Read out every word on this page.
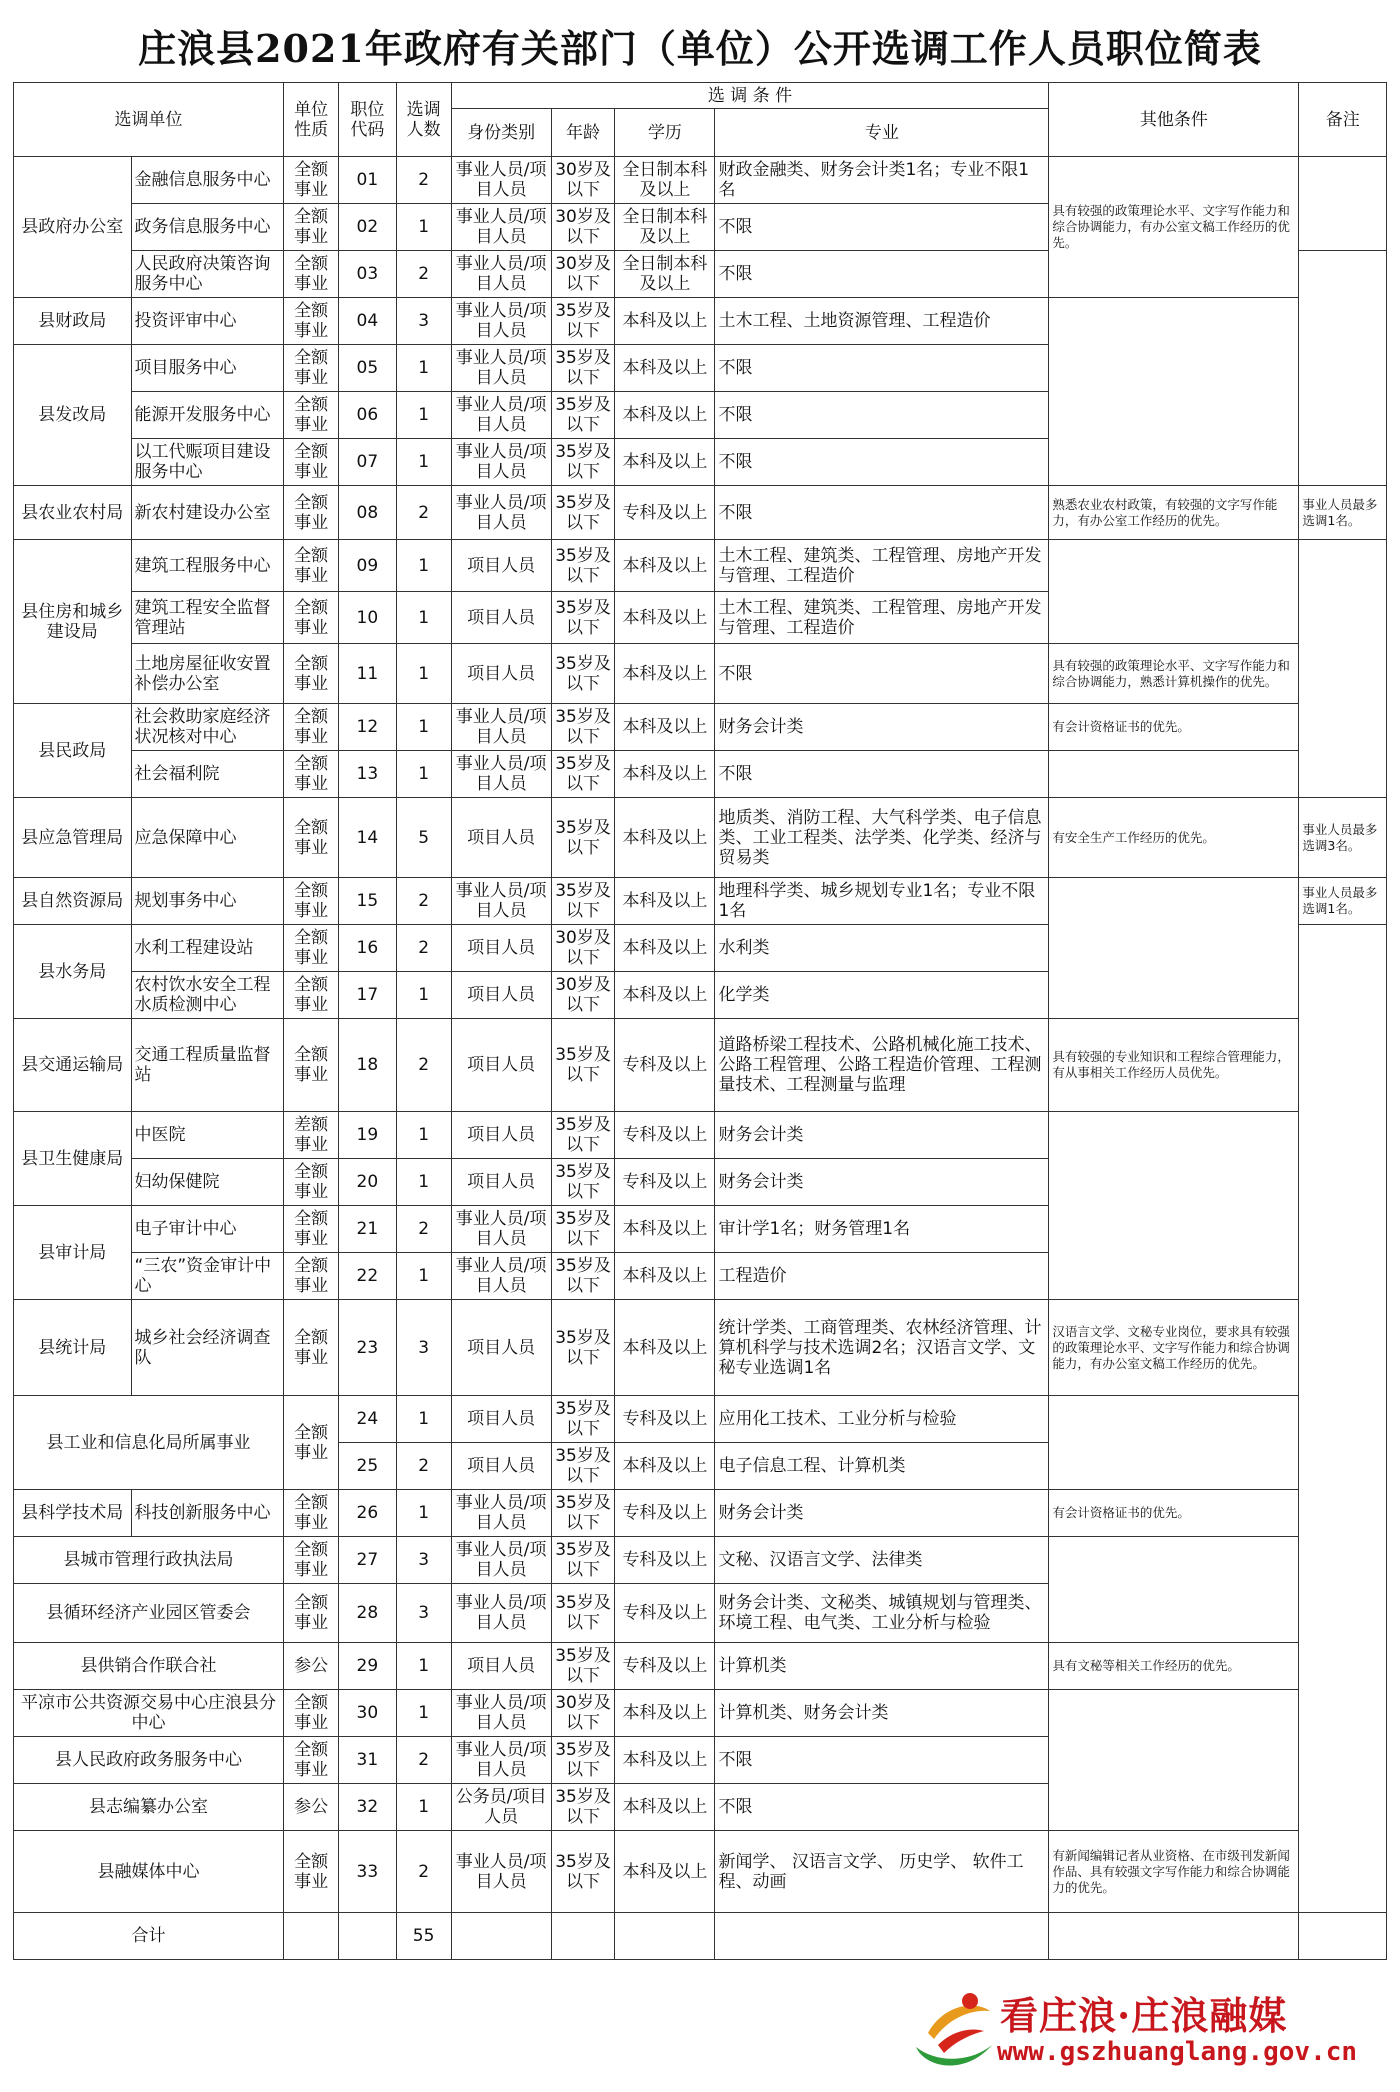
庄浪县2021年政府有关部门（单位）公开选调工作人员职位简表
选调单位		单位性质	职位代码	选调人数	选 调 条 件				其他条件	备注
					身份类别	年龄	学历	专业		
县政府办公室	金融信息服务中心	全额事业	01	2	事业人员/项目人员	30岁及以下	全日制本科及以上	财政金融类、财务会计类1名；专业不限1名	具有较强的政策理论水平、文字写作能力和综合协调能力，有办公室文稿工作经历的优先。	
	政务信息服务中心	全额事业	02	1	事业人员/项目人员	30岁及以下	全日制本科及以上	不限		
	人民政府决策咨询服务中心	全额事业	03	2	事业人员/项目人员	30岁及以下	全日制本科及以上	不限		
县财政局	投资评审中心	全额事业	04	3	事业人员/项目人员	35岁及以下	本科及以上	土木工程、土地资源管理、工程造价		
县发改局	项目服务中心	全额事业	05	1	事业人员/项目人员	35岁及以下	本科及以上	不限		
	能源开发服务中心	全额事业	06	1	事业人员/项目人员	35岁及以下	本科及以上	不限		
	以工代赈项目建设服务中心	全额事业	07	1	事业人员/项目人员	35岁及以下	本科及以上	不限		
县农业农村局	新农村建设办公室	全额事业	08	2	事业人员/项目人员	35岁及以下	专科及以上	不限	熟悉农业农村政策，有较强的文字写作能力，有办公室工作经历的优先。	事业人员最多选调1名。
县住房和城乡建设局	建筑工程服务中心	全额事业	09	1	项目人员	35岁及以下	本科及以上	土木工程、建筑类、工程管理、房地产开发与管理、工程造价		
	建筑工程安全监督管理站	全额事业	10	1	项目人员	35岁及以下	本科及以上	土木工程、建筑类、工程管理、房地产开发与管理、工程造价		
	土地房屋征收安置补偿办公室	全额事业	11	1	项目人员	35岁及以下	本科及以上	不限	具有较强的政策理论水平、文字写作能力和综合协调能力，熟悉计算机操作的优先。	
县民政局	社会救助家庭经济状况核对中心	全额事业	12	1	事业人员/项目人员	35岁及以下	本科及以上	财务会计类	有会计资格证书的优先。	
	社会福利院	全额事业	13	1	事业人员/项目人员	35岁及以下	本科及以上	不限		
县应急管理局	应急保障中心	全额事业	14	5	项目人员	35岁及以下	本科及以上	地质类、消防工程、大气科学类、电子信息类、工业工程类、法学类、化学类、经济与贸易类	有安全生产工作经历的优先。	事业人员最多选调3名。
县自然资源局	规划事务中心	全额事业	15	2	事业人员/项目人员	35岁及以下	本科及以上	地理科学类、城乡规划专业1名；专业不限1名		事业人员最多选调1名。
县水务局	水利工程建设站	全额事业	16	2	项目人员	30岁及以下	本科及以上	水利类		
	农村饮水安全工程水质检测中心	全额事业	17	1	项目人员	30岁及以下	本科及以上	化学类		
县交通运输局	交通工程质量监督站	全额事业	18	2	项目人员	35岁及以下	专科及以上	道路桥梁工程技术、公路机械化施工技术、公路工程管理、公路工程造价管理、工程测量技术、工程测量与监理	具有较强的专业知识和工程综合管理能力，有从事相关工作经历人员优先。	
县卫生健康局	中医院	差额事业	19	1	项目人员	35岁及以下	专科及以上	财务会计类		
	妇幼保健院	全额事业	20	1	项目人员	35岁及以下	专科及以上	财务会计类		
县审计局	电子审计中心	全额事业	21	2	事业人员/项目人员	35岁及以下	本科及以上	审计学1名；财务管理1名		
	“三农”资金审计中心	全额事业	22	1	事业人员/项目人员	35岁及以下	本科及以上	工程造价		
县统计局	城乡社会经济调查队	全额事业	23	3	项目人员	35岁及以下	本科及以上	统计学类、工商管理类、农林经济管理、计算机科学与技术选调2名；汉语言文学、文秘专业选调1名	汉语言文学、文秘专业岗位，要求具有较强的政策理论水平、文字写作能力和综合协调能力，有办公室文稿工作经历的优先。	
县工业和信息化局所属事业		全额事业	24	1	项目人员	35岁及以下	专科及以上	应用化工技术、工业分析与检验		
			25	2	项目人员	35岁及以下	本科及以上	电子信息工程、计算机类		
县科学技术局	科技创新服务中心	全额事业	26	1	事业人员/项目人员	35岁及以下	专科及以上	财务会计类	有会计资格证书的优先。	
县城市管理行政执法局		全额事业	27	3	事业人员/项目人员	35岁及以下	专科及以上	文秘、汉语言文学、法律类		
县循环经济产业园区管委会		全额事业	28	3	事业人员/项目人员	35岁及以下	专科及以上	财务会计类、文秘类、城镇规划与管理类、环境工程、电气类、工业分析与检验		
县供销合作联合社		参公	29	1	项目人员	35岁及以下	专科及以上	计算机类	具有文秘等相关工作经历的优先。	
平凉市公共资源交易中心庄浪县分中心		全额事业	30	1	事业人员/项目人员	30岁及以下	本科及以上	计算机类、财务会计类		
县人民政府政务服务中心		全额事业	31	2	事业人员/项目人员	35岁及以下	本科及以上	不限		
县志编纂办公室		参公	32	1	公务员/项目人员	35岁及以下	本科及以上	不限		
县融媒体中心		全额事业	33	2	事业人员/项目人员	35岁及以下	本科及以上	新闻学、 汉语言文学、 历史学、 软件工程、动画	有新闻编辑记者从业资格、在市级刊发新闻作品、具有较强文字写作能力和综合协调能力的优先。	
合计				55						
看庄浪·庄浪融媒
www.gszhuanglang.gov.cn
